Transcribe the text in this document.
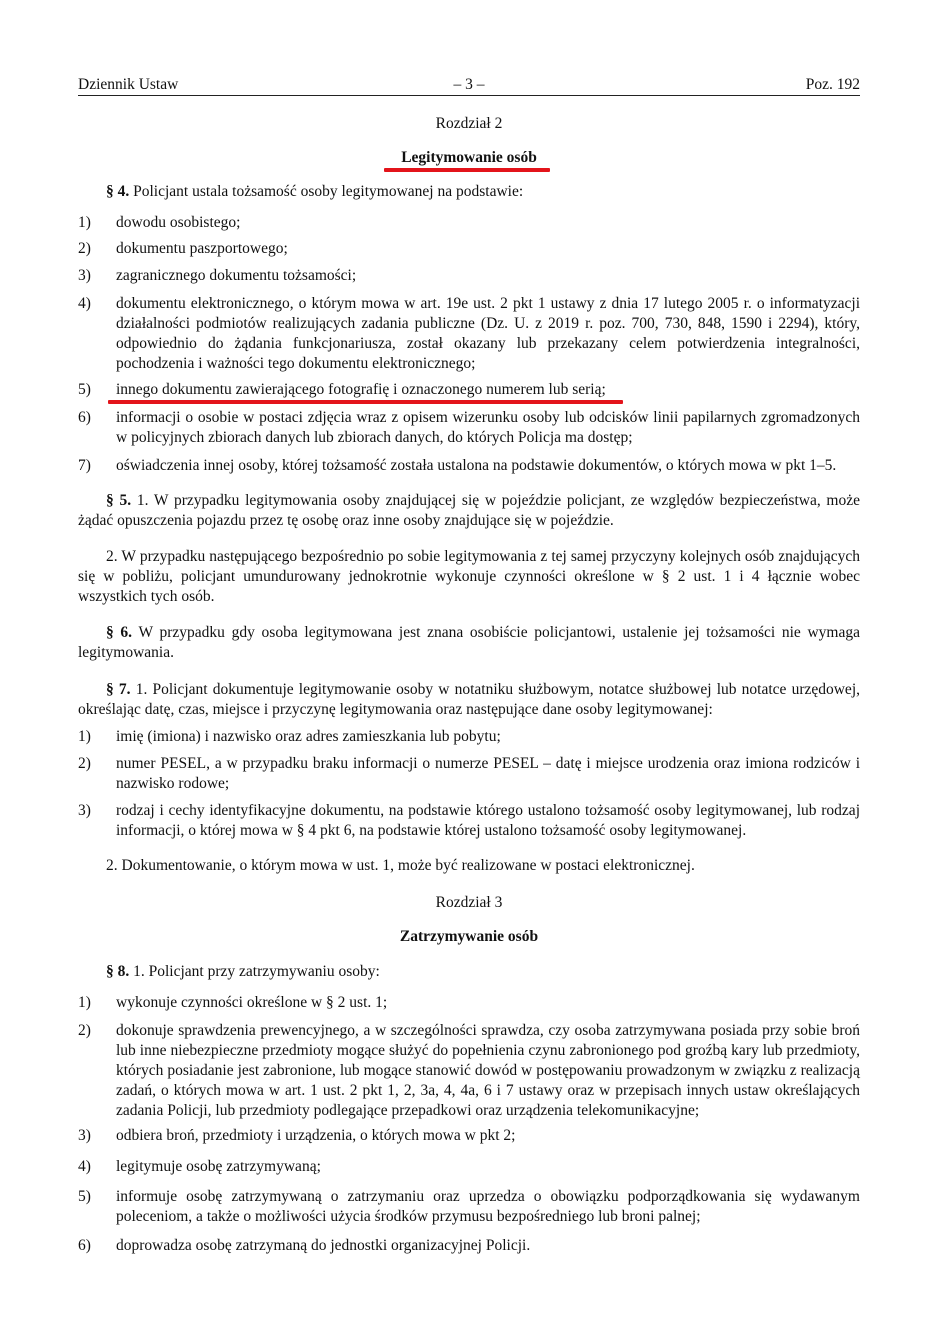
Dziennik Ustaw	– 3 –	Poz. 192
Rozdział 2
Legitymowanie osób
§ 4. Policjant ustala tożsamość osoby legitymowanej na podstawie:
1)	dowodu osobistego;
2)	dokumentu paszportowego;
3)	zagranicznego dokumentu tożsamości;
4)	dokumentu elektronicznego, o którym mowa w art. 19e ust. 2 pkt 1 ustawy z dnia 17 lutego 2005 r. o informatyzacji działalności podmiotów realizujących zadania publiczne (Dz. U. z 2019 r. poz. 700, 730, 848, 1590 i 2294), który, odpowiednio do żądania funkcjonariusza, został okazany lub przekazany celem potwierdzenia integralności, pochodzenia i ważności tego dokumentu elektronicznego;
5)	innego dokumentu zawierającego fotografię i oznaczonego numerem lub serią;
6)	informacji o osobie w postaci zdjęcia wraz z opisem wizerunku osoby lub odcisków linii papilarnych zgromadzonych w policyjnych zbiorach danych lub zbiorach danych, do których Policja ma dostęp;
7)	oświadczenia innej osoby, której tożsamość została ustalona na podstawie dokumentów, o których mowa w pkt 1–5.
§ 5. 1. W przypadku legitymowania osoby znajdującej się w pojeździe policjant, ze względów bezpieczeństwa, może żądać opuszczenia pojazdu przez tę osobę oraz inne osoby znajdujące się w pojeździe.
2. W przypadku następującego bezpośrednio po sobie legitymowania z tej samej przyczyny kolejnych osób znajdujących się w pobliżu, policjant umundurowany jednokrotnie wykonuje czynności określone w § 2 ust. 1 i 4 łącznie wobec wszystkich tych osób.
§ 6. W przypadku gdy osoba legitymowana jest znana osobiście policjantowi, ustalenie jej tożsamości nie wymaga legitymowania.
§ 7. 1. Policjant dokumentuje legitymowanie osoby w notatniku służbowym, notatce służbowej lub notatce urzędowej, określając datę, czas, miejsce i przyczynę legitymowania oraz następujące dane osoby legitymowanej:
1)	imię (imiona) i nazwisko oraz adres zamieszkania lub pobytu;
2)	numer PESEL, a w przypadku braku informacji o numerze PESEL – datę i miejsce urodzenia oraz imiona rodziców i nazwisko rodowe;
3)	rodzaj i cechy identyfikacyjne dokumentu, na podstawie którego ustalono tożsamość osoby legitymowanej, lub rodzaj informacji, o której mowa w § 4 pkt 6, na podstawie której ustalono tożsamość osoby legitymowanej.
2. Dokumentowanie, o którym mowa w ust. 1, może być realizowane w postaci elektronicznej.
Rozdział 3
Zatrzymywanie osób
§ 8. 1. Policjant przy zatrzymywaniu osoby:
1)	wykonuje czynności określone w § 2 ust. 1;
2)	dokonuje sprawdzenia prewencyjnego, a w szczególności sprawdza, czy osoba zatrzymywana posiada przy sobie broń lub inne niebezpieczne przedmioty mogące służyć do popełnienia czynu zabronionego pod groźbą kary lub przedmioty, których posiadanie jest zabronione, lub mogące stanowić dowód w postępowaniu prowadzonym w związku z realizacją zadań, o których mowa w art. 1 ust. 2 pkt 1, 2, 3a, 4, 4a, 6 i 7 ustawy oraz w przepisach innych ustaw określających zadania Policji, lub przedmioty podlegające przepadkowi oraz urządzenia telekomunikacyjne;
3)	odbiera broń, przedmioty i urządzenia, o których mowa w pkt 2;
4)	legitymuje osobę zatrzymywaną;
5)	informuje osobę zatrzymywaną o zatrzymaniu oraz uprzedza o obowiązku podporządkowania się wydawanym poleceniom, a także o możliwości użycia środków przymusu bezpośredniego lub broni palnej;
6)	doprowadza osobę zatrzymaną do jednostki organizacyjnej Policji.
